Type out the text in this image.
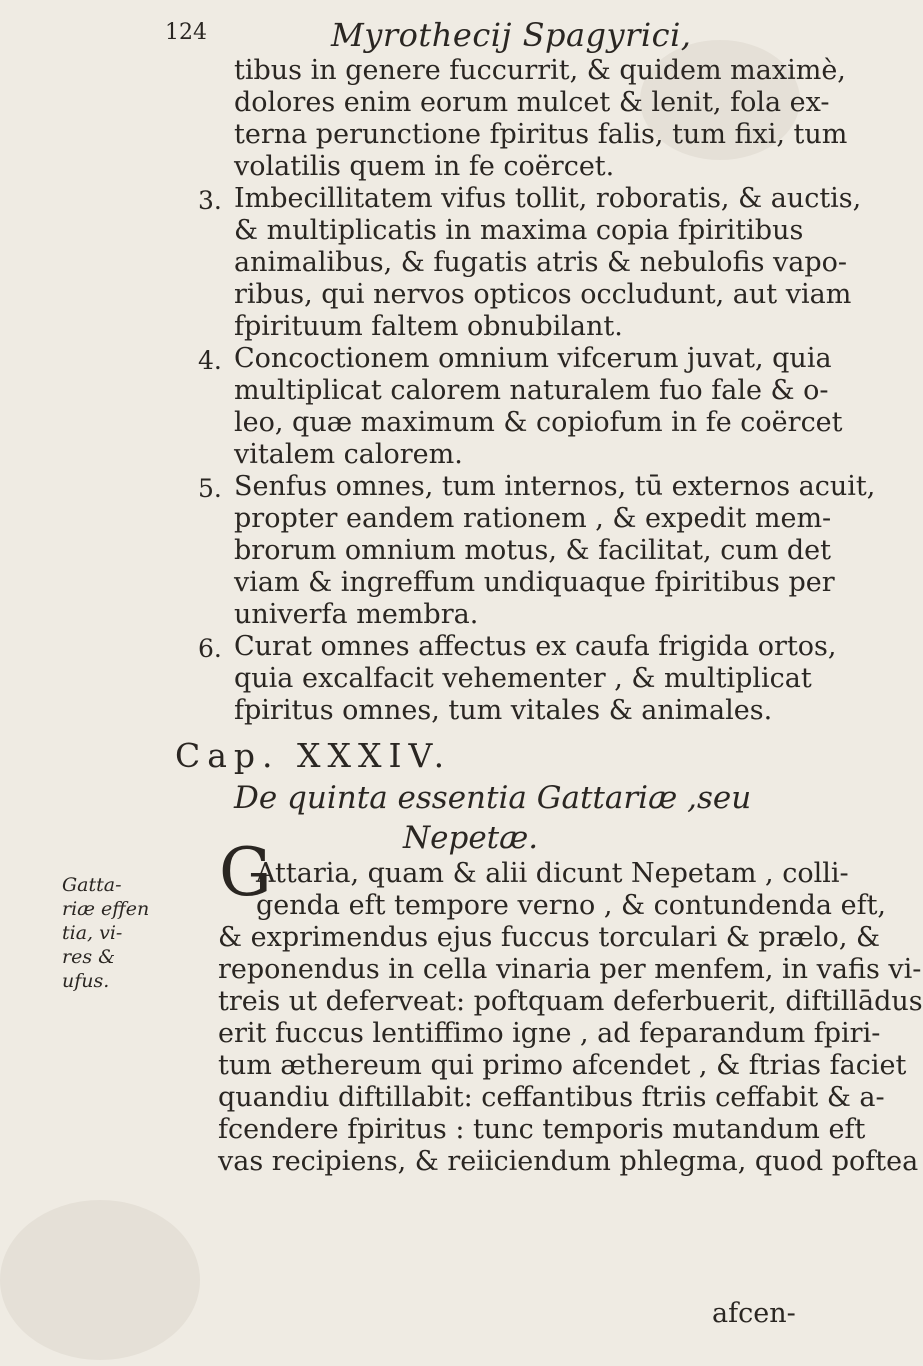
124	Myrothecij Spagyrici,
tibus in genere fuccurrit, & quidem maximè,
dolores enim eorum mulcet & lenit, fola ex-
terna perunctione fpiritus falis, tum fixi, tum
volatilis quem in fe coërcet.
3. Imbecillitatem vifus tollit, roboratis, & auctis,
& multiplicatis in maxima copia fpiritibus
animalibus, & fugatis atris & nebulofis vapo-
ribus, qui nervos opticos occludunt, aut viam
fpirituum faltem obnubilant.
4. Concoctionem omnium vifcerum juvat, quia
multiplicat calorem naturalem fuo fale & o-
leo, quæ maximum & copiofum in fe coërcet
vitalem calorem.
5. Senfus omnes, tum internos, tū externos acuit,
propter eandem rationem , & expedit mem-
brorum omnium motus, & facilitat, cum det
viam & ingreffum undiquaque fpiritibus per
univerfa membra.
6. Curat omnes affectus ex caufa frigida ortos,
quia excalfacit vehementer , & multiplicat
fpiritus omnes, tum vitales & animales.
Cap. XXXIV.
De quinta essentia Gattariæ ,seu
Nepetæ.
Gatta-
riæ effen
tia, vi-
res &
ufus.
G
Attaria, quam & alii dicunt Nepetam , colli-
genda eft tempore verno , & contundenda eft,
& exprimendus ejus fuccus torculari & prælo, &
reponendus in cella vinaria per menfem, in vafis vi-
treis ut deferveat: poftquam deferbuerit, diftillādus
erit fuccus lentiffimo igne , ad feparandum fpiri-
tum æthereum qui primo afcendet , & ftrias faciet
quandiu diftillabit: ceffantibus ftriis ceffabit & a-
fcendere fpiritus : tunc temporis mutandum eft
vas recipiens, & reiiciendum phlegma, quod poftea
afcen-
